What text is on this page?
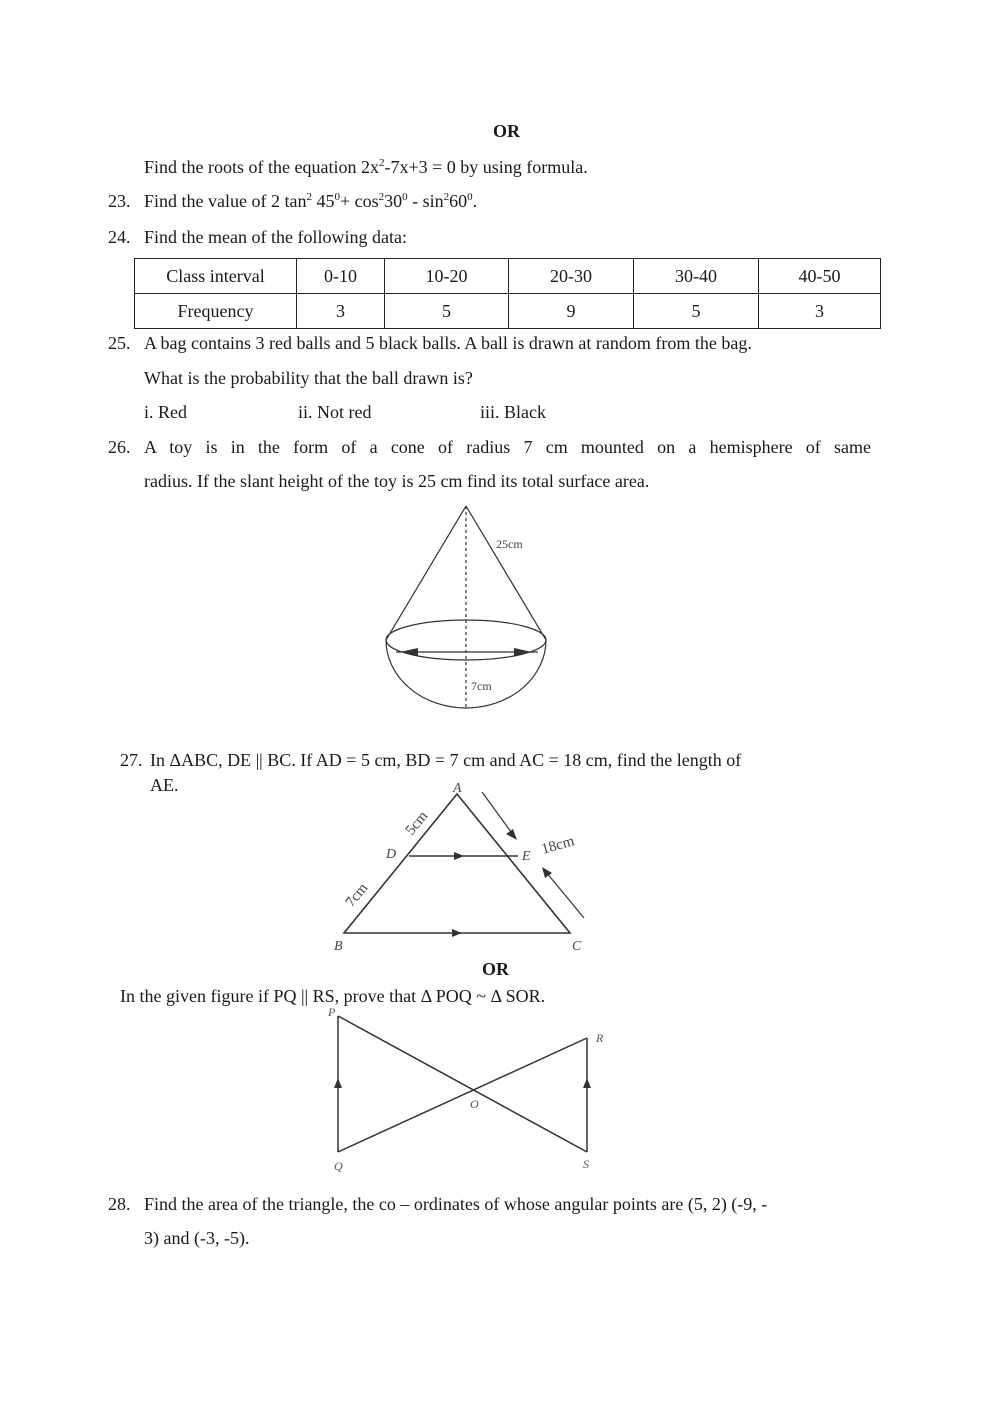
OR
Find the roots of the equation $2x^2-7x+3 = 0$ by using formula.
23. Find the value of 2 $\tan^2 45^0+ \cos^230^0 - \sin^260^0$.
24. Find the mean of the following data:
Class interval	0-10	10-20	20-30	30-40	40-50
Frequency	3	5	9	5	3
25. A bag contains 3 red balls and 5 black balls. A ball is drawn at random from the bag.
What is the probability that the ball drawn is?
i. Red	ii. Not red	iii. Black
26. A toy is in the form of a cone of radius 7 cm mounted on a hemisphere of same
radius. If the slant height of the toy is 25 cm find its total surface area.
25cm
7cm
27. In ΔABC, DE || BC. If AD = 5 cm, BD = 7 cm and AC = 18 cm, find the length of
AE.	A
D	E
B	C
5cm
7cm
18cm
OR
In the given figure if PQ || RS, prove that Δ POQ ~ Δ SOR.
P
Q
R
S
O
28. Find the area of the triangle, the co – ordinates of whose angular points are (5, 2) (-9, -
3) and (-3, -5).
